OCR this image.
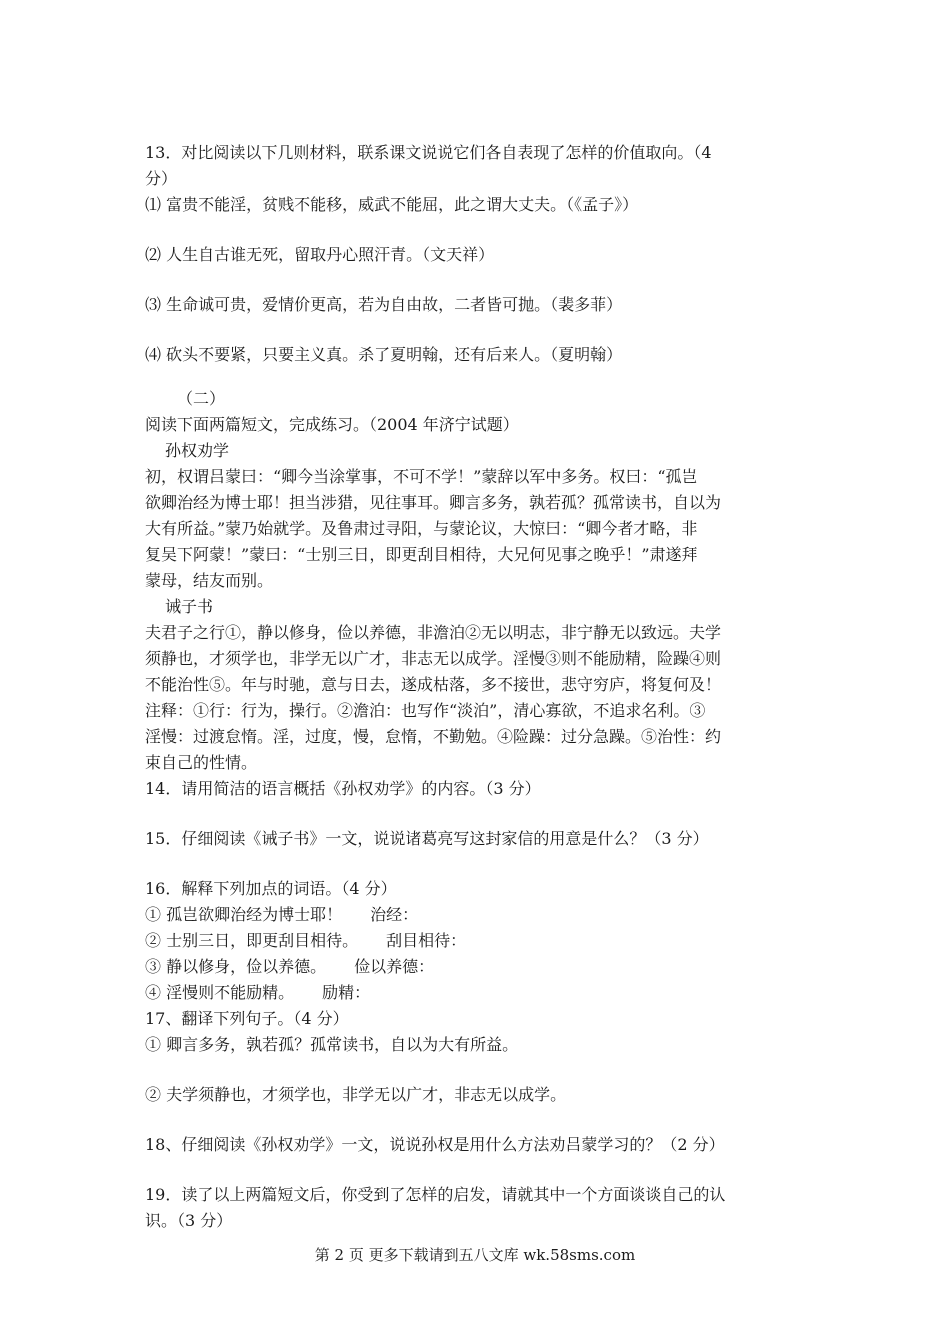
13．对比阅读以下几则材料，联系课文说说它们各自表现了怎样的价值取向。（4

分）

⑴ 富贵不能淫，贫贱不能移，威武不能屈，此之谓大丈夫。（《孟子》）

⑵ 人生自古谁无死，留取丹心照汗青。（文天祥）

⑶ 生命诚可贵，爱情价更高，若为自由故，二者皆可抛。（裴多菲）

⑷ 砍头不要紧，只要主义真。杀了夏明翰，还有后来人。（夏明翰）

（二）

阅读下面两篇短文，完成练习。（2004 年济宁试题）

孙权劝学

初，权谓吕蒙曰：“卿今当涂掌事，不可不学！”蒙辞以军中多务。权曰：“孤岂

欲卿治经为博士耶！担当涉猎，见往事耳。卿言多务，孰若孤？孤常读书，自以为

大有所益。”蒙乃始就学。及鲁肃过寻阳，与蒙论议，大惊曰：“卿今者才略，非

复吴下阿蒙！”蒙曰：“士别三日，即更刮目相待，大兄何见事之晚乎！”肃遂拜

蒙母，结友而别。

诫子书

夫君子之行①，静以修身，俭以养德，非澹泊②无以明志，非宁静无以致远。夫学

须静也，才须学也，非学无以广才，非志无以成学。淫慢③则不能励精，险躁④则

不能治性⑤。年与时驰，意与日去，遂成枯落，多不接世，悲守穷庐，将复何及！

注释：①行：行为，操行。②澹泊：也写作“淡泊”，清心寡欲，不追求名利。③

淫慢：过渡怠惰。淫，过度，慢，怠惰，不勤勉。④险躁：过分急躁。⑤治性：约

束自己的性情。

14．请用简洁的语言概括《孙权劝学》的内容。（3 分）

15．仔细阅读《诫子书》一文，说说诸葛亮写这封家信的用意是什么？（3 分）

16．解释下列加点的词语。（4 分）

① 孤岂欲卿治经为博士耶！ 治经：

② 士别三日，即更刮目相待。 刮目相待：

③ 静以修身，俭以养德。 俭以养德：

④ 淫慢则不能励精。 励精：

17、翻译下列句子。（4 分）

① 卿言多务，孰若孤？孤常读书，自以为大有所益。

② 夫学须静也，才须学也，非学无以广才，非志无以成学。

18、仔细阅读《孙权劝学》一文，说说孙权是用什么方法劝吕蒙学习的？（2 分）

19．读了以上两篇短文后，你受到了怎样的启发，请就其中一个方面谈谈自己的认

识。（3 分）

第 2 页 更多下载请到五八文库 wk.58sms.com
